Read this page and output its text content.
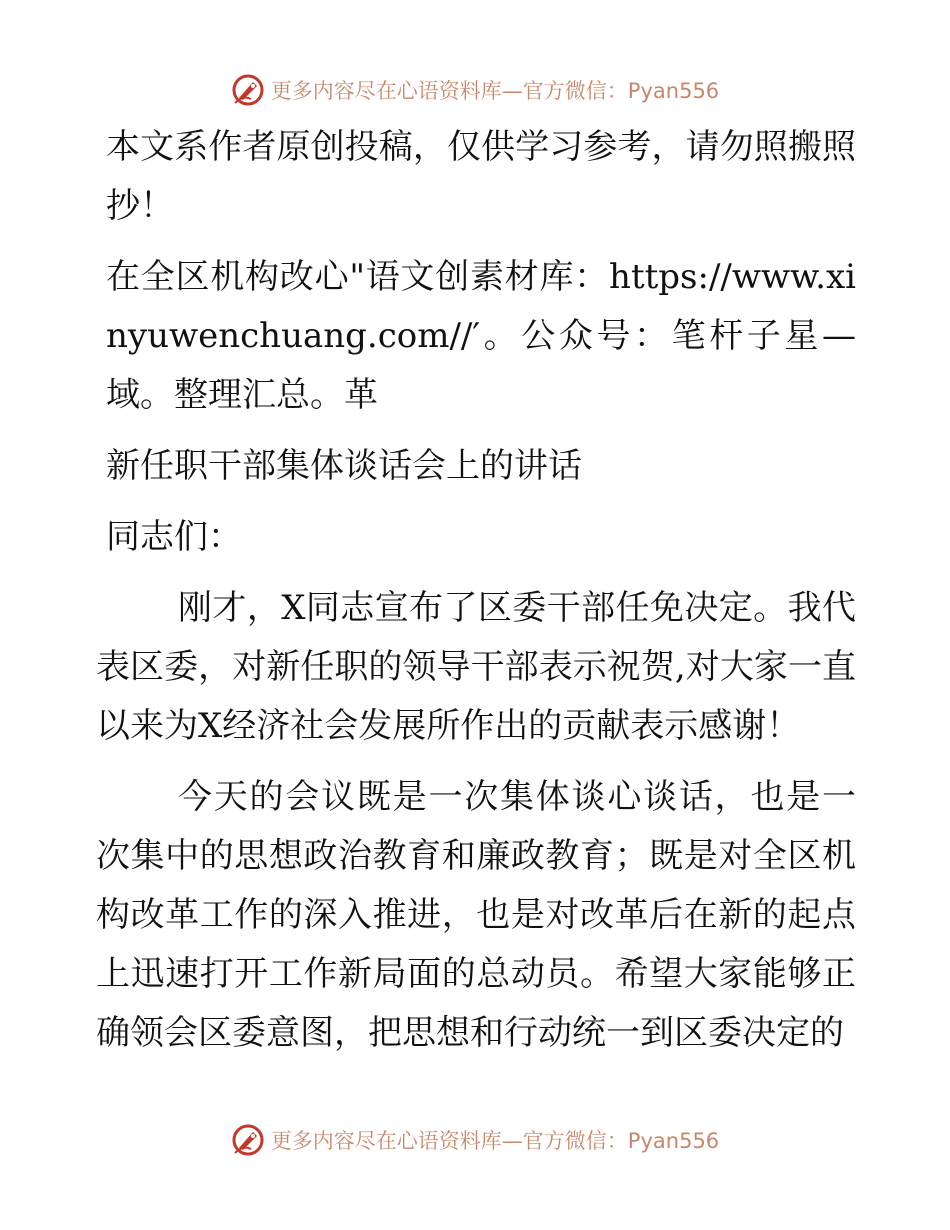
更多内容尽在心语资料库—官方微信：Pyan556

本文系作者原创投稿，仅供学习参考，请勿照搬照抄！

在全区机构改心"语文创素材库：https://www.xinyuwenchuang.com//′。公众号：笔杆子星—域。整理汇总。革

新任职干部集体谈话会上的讲话

同志们：

刚才，X同志宣布了区委干部任免决定。我代表区委，对新任职的领导干部表示祝贺,对大家一直以来为X经济社会发展所作出的贡献表示感谢！

今天的会议既是一次集体谈心谈话，也是一次集中的思想政治教育和廉政教育；既是对全区机构改革工作的深入推进，也是对改革后在新的起点上迅速打开工作新局面的总动员。希望大家能够正确领会区委意图，把思想和行动统一到区委决定的

更多内容尽在心语资料库—官方微信：Pyan556
